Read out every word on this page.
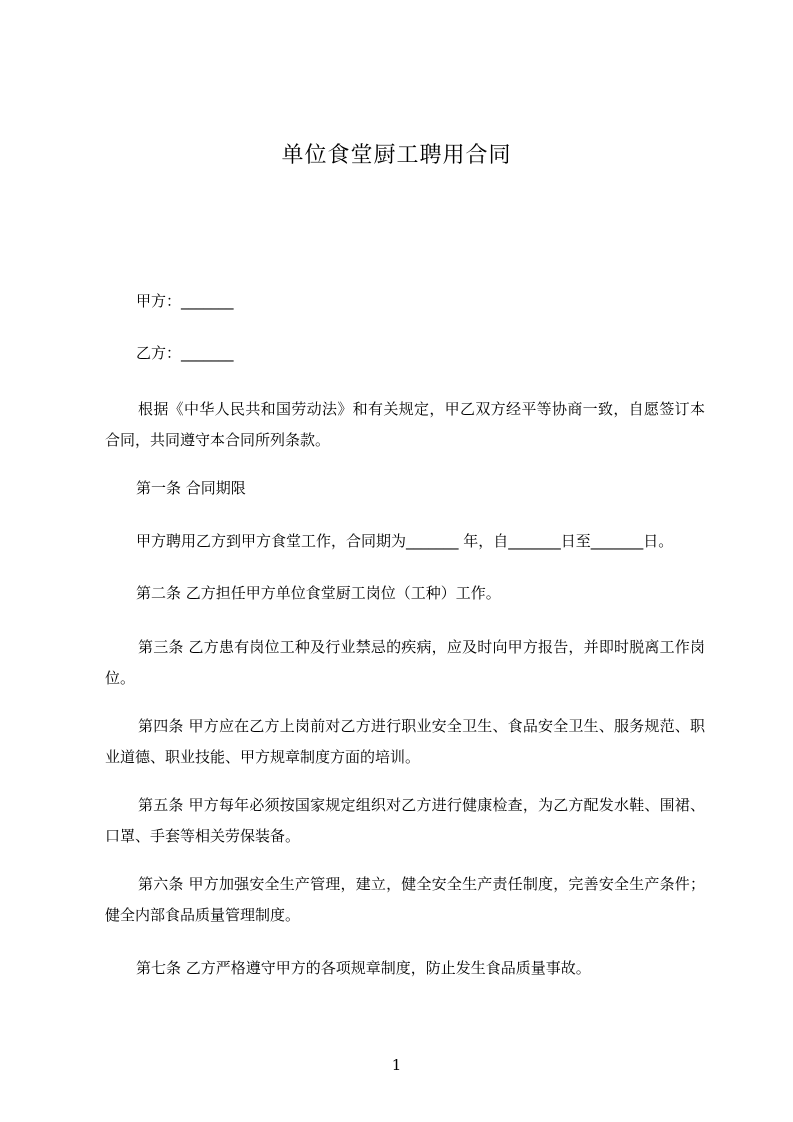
单位食堂厨工聘用合同
甲方：_______
乙方：_______
根据《中华人民共和国劳动法》和有关规定，甲乙双方经平等协商一致，自愿签订本合同，共同遵守本合同所列条款。
第一条 合同期限
甲方聘用乙方到甲方食堂工作，合同期为_______ 年，自_______日至_______日。
第二条 乙方担任甲方单位食堂厨工岗位（工种）工作。
第三条 乙方患有岗位工种及行业禁忌的疾病，应及时向甲方报告，并即时脱离工作岗位。
第四条 甲方应在乙方上岗前对乙方进行职业安全卫生、食品安全卫生、服务规范、职业道德、职业技能、甲方规章制度方面的培训。
第五条 甲方每年必须按国家规定组织对乙方进行健康检查，为乙方配发水鞋、围裙、口罩、手套等相关劳保装备。
第六条 甲方加强安全生产管理，建立，健全安全生产责任制度，完善安全生产条件；健全内部食品质量管理制度。
第七条 乙方严格遵守甲方的各项规章制度，防止发生食品质量事故。
1
